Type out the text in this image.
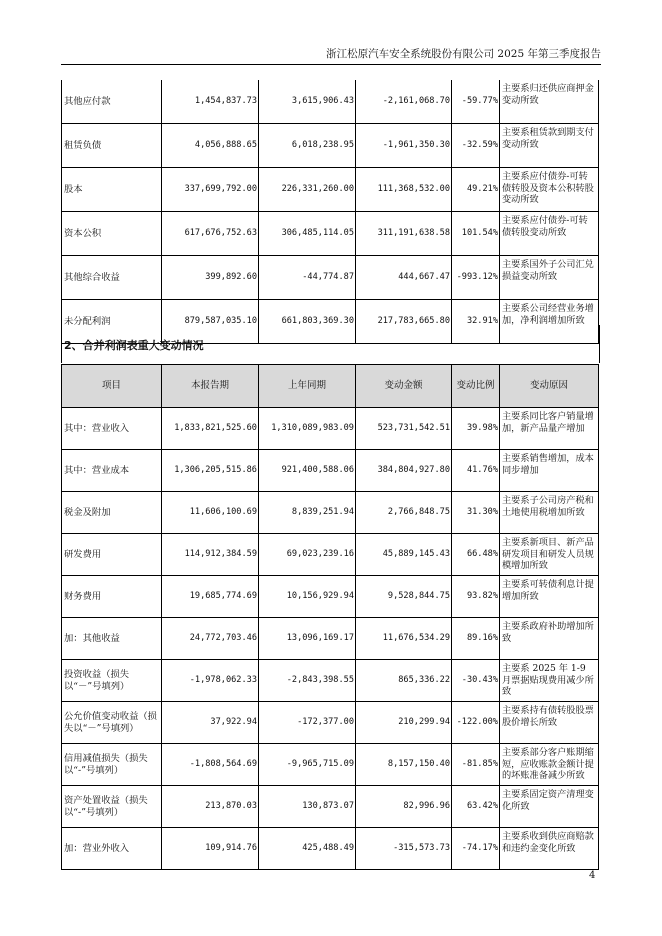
浙江松原汽车安全系统股份有限公司 2025 年第三季度报告
其他应付款	1,454,837.73	3,615,906.43	-2,161,068.70	-59.77%	主要系归还供应商押金变动所致
租赁负债	4,056,888.65	6,018,238.95	-1,961,350.30	-32.59%	主要系租赁款到期支付变动所致
股本	337,699,792.00	226,331,260.00	111,368,532.00	49.21%	主要系应付债券-可转债转股及资本公积转股变动所致
资本公积	617,676,752.63	306,485,114.05	311,191,638.58	101.54%	主要系应付债券-可转债转股变动所致
其他综合收益	399,892.60	-44,774.87	444,667.47	-993.12%	主要系国外子公司汇兑损益变动所致
未分配利润	879,587,035.10	661,803,369.30	217,783,665.80	32.91%	主要系公司经营业务增加，净利润增加所致
2、合并利润表重大变动情况
项目	本报告期	上年同期	变动金额	变动比例	变动原因
其中：营业收入	1,833,821,525.60	1,310,089,983.09	523,731,542.51	39.98%	主要系同比客户销量增加，新产品量产增加
其中：营业成本	1,306,205,515.86	921,400,588.06	384,804,927.80	41.76%	主要系销售增加，成本同步增加
税金及附加	11,606,100.69	8,839,251.94	2,766,848.75	31.30%	主要系子公司房产税和土地使用税增加所致
研发费用	114,912,384.59	69,023,239.16	45,889,145.43	66.48%	主要系新项目、新产品研发项目和研发人员规模增加所致
财务费用	19,685,774.69	10,156,929.94	9,528,844.75	93.82%	主要系可转债利息计提增加所致
加：其他收益	24,772,703.46	13,096,169.17	11,676,534.29	89.16%	主要系政府补助增加所致
投资收益（损失以“－”号填列）	-1,978,062.33	-2,843,398.55	865,336.22	-30.43%	主要系 2025 年 1-9 月票据贴现费用减少所致
公允价值变动收益（损失以“－”号填列）	37,922.94	-172,377.00	210,299.94	-122.00%	主要系持有债转股股票股价增长所致
信用减值损失（损失以“-”号填列）	-1,808,564.69	-9,965,715.09	8,157,150.40	-81.85%	主要系部分客户账期缩短，应收账款金额计提的坏账准备减少所致
资产处置收益（损失以“-”号填列）	213,870.03	130,873.07	82,996.96	63.42%	主要系固定资产清理变化所致
加：营业外收入	109,914.76	425,488.49	-315,573.73	-74.17%	主要系收到供应商赔款和违约金变化所致
4
